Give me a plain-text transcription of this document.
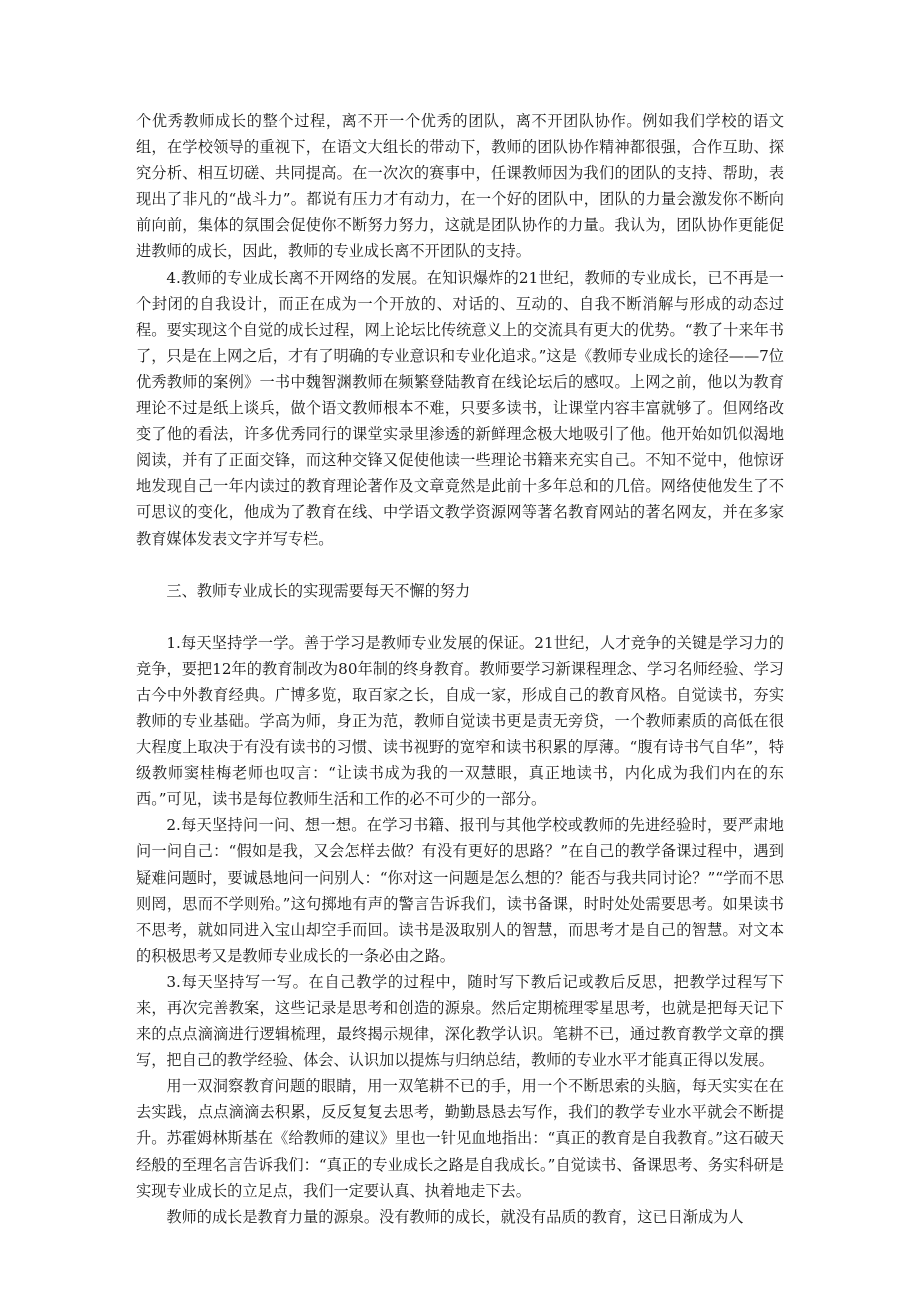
个优秀教师成长的整个过程，离不开一个优秀的团队，离不开团队协作。例如我们学校的语文组，在学校领导的重视下，在语文大组长的带动下，教师的团队协作精神都很强，合作互助、探究分析、相互切磋、共同提高。在一次次的赛事中，任课教师因为我们的团队的支持、帮助，表现出了非凡的“战斗力”。都说有压力才有动力，在一个好的团队中，团队的力量会激发你不断向前向前，集体的氛围会促使你不断努力努力，这就是团队协作的力量。我认为，团队协作更能促进教师的成长，因此，教师的专业成长离不开团队的支持。

4.教师的专业成长离不开网络的发展。在知识爆炸的21世纪，教师的专业成长，已不再是一个封闭的自我设计，而正在成为一个开放的、对话的、互动的、自我不断消解与形成的动态过程。要实现这个自觉的成长过程，网上论坛比传统意义上的交流具有更大的优势。“教了十来年书了，只是在上网之后，才有了明确的专业意识和专业化追求。”这是《教师专业成长的途径——7位优秀教师的案例》一书中魏智渊教师在频繁登陆教育在线论坛后的感叹。上网之前，他以为教育理论不过是纸上谈兵，做个语文教师根本不难，只要多读书，让课堂内容丰富就够了。但网络改变了他的看法，许多优秀同行的课堂实录里渗透的新鲜理念极大地吸引了他。他开始如饥似渴地阅读，并有了正面交锋，而这种交锋又促使他读一些理论书籍来充实自己。不知不觉中，他惊讶地发现自己一年内读过的教育理论著作及文章竟然是此前十多年总和的几倍。网络使他发生了不可思议的变化，他成为了教育在线、中学语文教学资源网等著名教育网站的著名网友，并在多家教育媒体发表文字并写专栏。

三、教师专业成长的实现需要每天不懈的努力

1.每天坚持学一学。善于学习是教师专业发展的保证。21世纪，人才竞争的关键是学习力的竞争，要把12年的教育制改为80年制的终身教育。教师要学习新课程理念、学习名师经验、学习古今中外教育经典。广博多览，取百家之长，自成一家，形成自己的教育风格。自觉读书，夯实教师的专业基础。学高为师，身正为范，教师自觉读书更是责无旁贷，一个教师素质的高低在很大程度上取决于有没有读书的习惯、读书视野的宽窄和读书积累的厚薄。“腹有诗书气自华”，特级教师窦桂梅老师也叹言：“让读书成为我的一双慧眼，真正地读书，内化成为我们内在的东西。”可见，读书是每位教师生活和工作的必不可少的一部分。

2.每天坚持问一问、想一想。在学习书籍、报刊与其他学校或教师的先进经验时，要严肃地问一问自己：“假如是我，又会怎样去做？有没有更好的思路？”在自己的教学备课过程中，遇到疑难问题时，要诚恳地问一问别人：“你对这一问题是怎么想的？能否与我共同讨论？”“学而不思则罔，思而不学则殆。”这句掷地有声的警言告诉我们，读书备课，时时处处需要思考。如果读书不思考，就如同进入宝山却空手而回。读书是汲取别人的智慧，而思考才是自己的智慧。对文本的积极思考又是教师专业成长的一条必由之路。

3.每天坚持写一写。在自己教学的过程中，随时写下教后记或教后反思，把教学过程写下来，再次完善教案，这些记录是思考和创造的源泉。然后定期梳理零星思考，也就是把每天记下来的点点滴滴进行逻辑梳理，最终揭示规律，深化教学认识。笔耕不已，通过教育教学文章的撰写，把自己的教学经验、体会、认识加以提炼与归纳总结，教师的专业水平才能真正得以发展。

用一双洞察教育问题的眼睛，用一双笔耕不已的手，用一个不断思索的头脑，每天实实在在去实践，点点滴滴去积累，反反复复去思考，勤勤恳恳去写作，我们的教学专业水平就会不断提升。苏霍姆林斯基在《给教师的建议》里也一针见血地指出：“真正的教育是自我教育。”这石破天经般的至理名言告诉我们：“真正的专业成长之路是自我成长。”自觉读书、备课思考、务实科研是实现专业成长的立足点，我们一定要认真、执着地走下去。

教师的成长是教育力量的源泉。没有教师的成长，就没有品质的教育，这已日渐成为人
